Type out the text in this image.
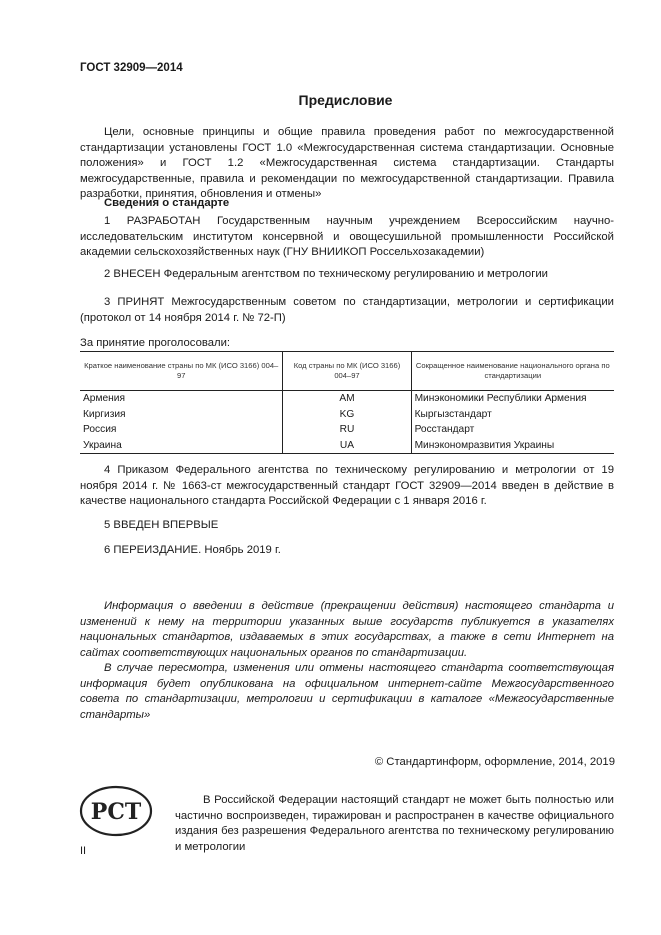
ГОСТ 32909—2014
Предисловие

Цели, основные принципы и общие правила проведения работ по межгосударственной стандартизации установлены ГОСТ 1.0 «Межгосударственная система стандартизации. Основные положения» и ГОСТ 1.2 «Межгосударственная система стандартизации. Стандарты межгосударственные, правила и рекомендации по межгосударственной стандартизации. Правила разработки, принятия, обновления и отмены»

Сведения о стандарте

1 РАЗРАБОТАН Государственным научным учреждением Всероссийским научно-исследовательским институтом консервной и овощесушильной промышленности Российской академии сельскохозяйственных наук (ГНУ ВНИИКОП Россельхозакадемии)

2 ВНЕСЕН Федеральным агентством по техническому регулированию и метрологии

3 ПРИНЯТ Межгосударственным советом по стандартизации, метрологии и сертификации (протокол от 14 ноября 2014 г. № 72-П)

За принятие проголосовали:

Краткое наименование страны по МК (ИСО 3166) 004–97	Код страны по МК (ИСО 3166) 004–97	Сокращенное наименование национального органа по стандартизации
Армения	AM	Минэкономики Республики Армения
Киргизия	KG	Кыргызстандарт
Россия	RU	Росстандарт
Украина	UA	Минэкономразвития Украины

4 Приказом Федерального агентства по техническому регулированию и метрологии от 19 ноября 2014 г. № 1663-ст межгосударственный стандарт ГОСТ 32909—2014 введен в действие в качестве национального стандарта Российской Федерации с 1 января 2016 г.

5 ВВЕДЕН ВПЕРВЫЕ

6 ПЕРЕИЗДАНИЕ. Ноябрь 2019 г.

Информация о введении в действие (прекращении действия) настоящего стандарта и изменений к нему на территории указанных выше государств публикуется в указателях национальных стандартов, издаваемых в этих государствах, а также в сети Интернет на сайтах соответствующих национальных органов по стандартизации.

В случае пересмотра, изменения или отмены настоящего стандарта соответствующая информация будет опубликована на официальном интернет-сайте Межгосударственного совета по стандартизации, метрологии и сертификации в каталоге «Межгосударственные стандарты»

© Стандартинформ, оформление, 2014, 2019
РСТ	В Российской Федерации настоящий стандарт не может быть полностью или частично воспроизведен, тиражирован и распространен в качестве официального издания без разрешения Федерального агентства по техническому регулированию и метрологии

II
